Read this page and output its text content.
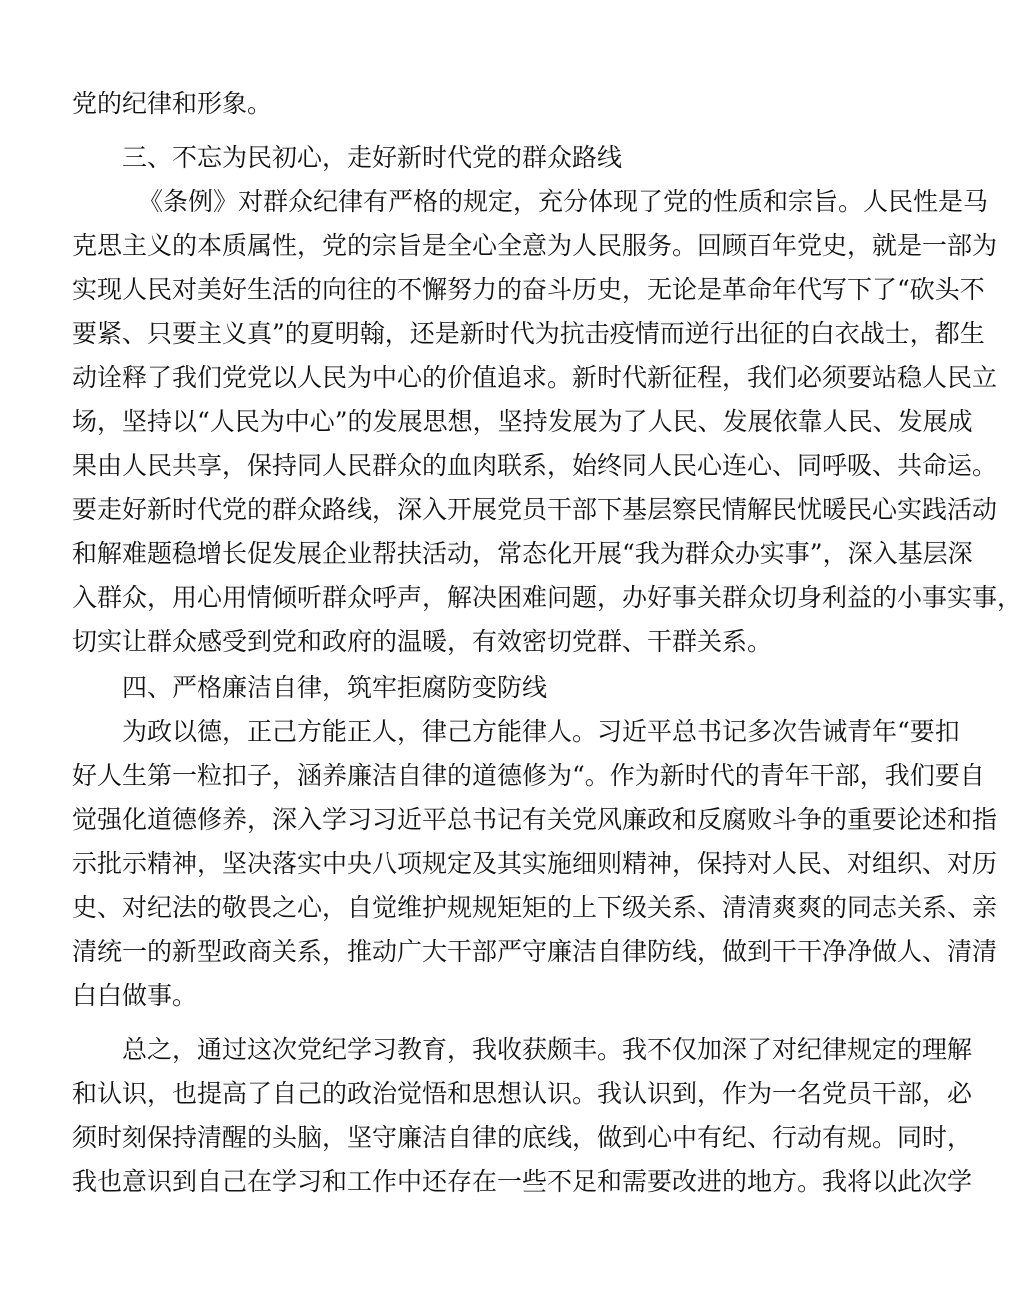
党的纪律和形象。
三、不忘为民初心，走好新时代党的群众路线
《条例》对群众纪律有严格的规定，充分体现了党的性质和宗旨。人民性是马
克思主义的本质属性，党的宗旨是全心全意为人民服务。回顾百年党史，就是一部为
实现人民对美好生活的向往的不懈努力的奋斗历史，无论是革命年代写下了“砍头不
要紧、只要主义真”的夏明翰，还是新时代为抗击疫情而逆行出征的白衣战士，都生
动诠释了我们党党以人民为中心的价值追求。新时代新征程，我们必须要站稳人民立
场，坚持以“人民为中心”的发展思想，坚持发展为了人民、发展依靠人民、发展成
果由人民共享，保持同人民群众的血肉联系，始终同人民心连心、同呼吸、共命运。
要走好新时代党的群众路线，深入开展党员干部下基层察民情解民忧暖民心实践活动
和解难题稳增长促发展企业帮扶活动，常态化开展“我为群众办实事”，深入基层深
入群众，用心用情倾听群众呼声，解决困难问题，办好事关群众切身利益的小事实事，
切实让群众感受到党和政府的温暖，有效密切党群、干群关系。
四、严格廉洁自律，筑牢拒腐防变防线
为政以德，正己方能正人，律己方能律人。习近平总书记多次告诫青年“要扣
好人生第一粒扣子，涵养廉洁自律的道德修为“。作为新时代的青年干部，我们要自
觉强化道德修养，深入学习习近平总书记有关党风廉政和反腐败斗争的重要论述和指
示批示精神，坚决落实中央八项规定及其实施细则精神，保持对人民、对组织、对历
史、对纪法的敬畏之心，自觉维护规规矩矩的上下级关系、清清爽爽的同志关系、亲
清统一的新型政商关系，推动广大干部严守廉洁自律防线，做到干干净净做人、清清
白白做事。
总之，通过这次党纪学习教育，我收获颇丰。我不仅加深了对纪律规定的理解
和认识，也提高了自己的政治觉悟和思想认识。我认识到，作为一名党员干部，必
须时刻保持清醒的头脑，坚守廉洁自律的底线，做到心中有纪、行动有规。同时，
我也意识到自己在学习和工作中还存在一些不足和需要改进的地方。我将以此次学
